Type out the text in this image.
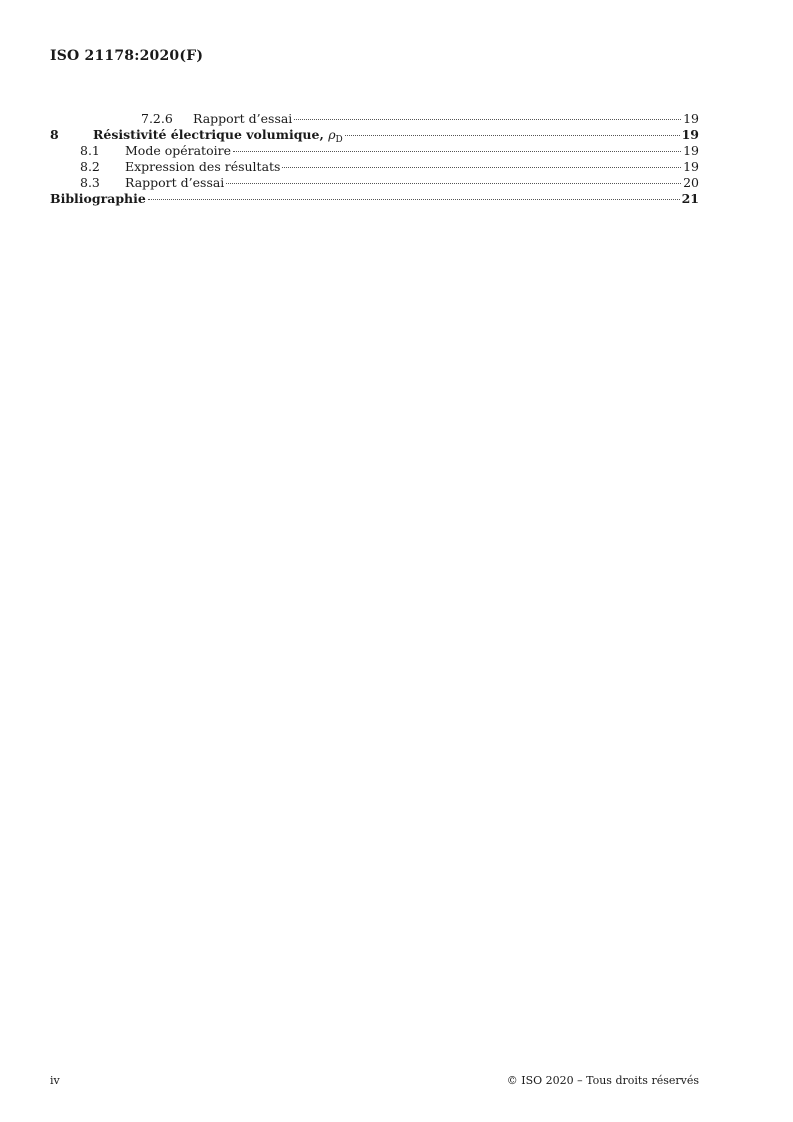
ISO 21178:2020(F)
7.2.6	Rapport d’essai	19
8	Résistivité électrique volumique, $\rho_D$	19
8.1	Mode opératoire	19
8.2	Expression des résultats	19
8.3	Rapport d’essai	20
Bibliographie	21
iv	© ISO 2020 – Tous droits réservés
